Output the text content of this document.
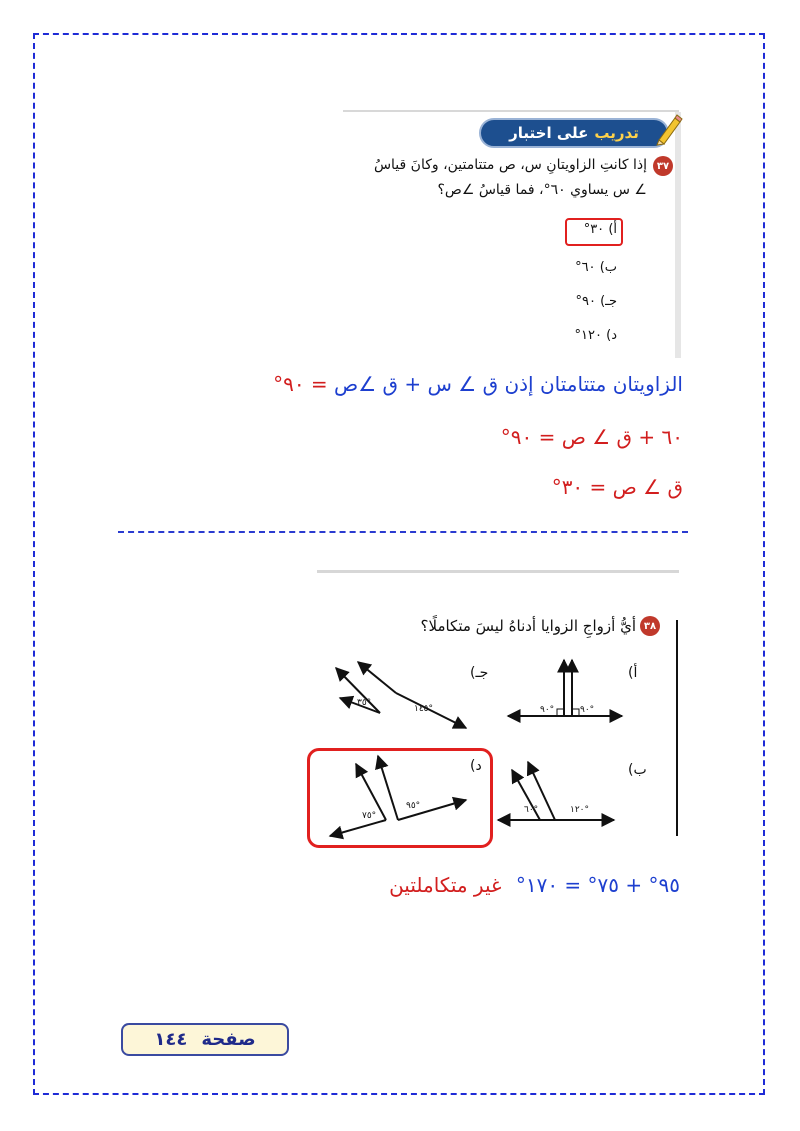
تدريب
على اختبار
٣٧
إذا كانتِ الزاويتانِ س، ص متتامتين، وكانَ قياسُ
∠ س يساوي ٦٠°، فما قياسُ ∠ص؟
أ) ٣٠°
ب) ٦٠°
جـ) ٩٠°
د) ١٢٠°
الزاويتان متتامتان إذن ق ∠ س + ق ∠ص = ٩٠°
٦٠ + ق ∠ ص = ٩٠°
ق ∠ ص = ٣٠°
٣٨
أيُّ أزواجِ الزوايا أدناهُ ليسَ متكاملًا؟
أ)
جـ)
ب)
د)
٩٠°	٩٠°
٣٥°
١٤٥°
٦٠°	١٢٠°
٧٥°
٩٥°
٩٥° + ٧٥° = ١٧٠° غير متكاملتين
صفحة
١٤٤
